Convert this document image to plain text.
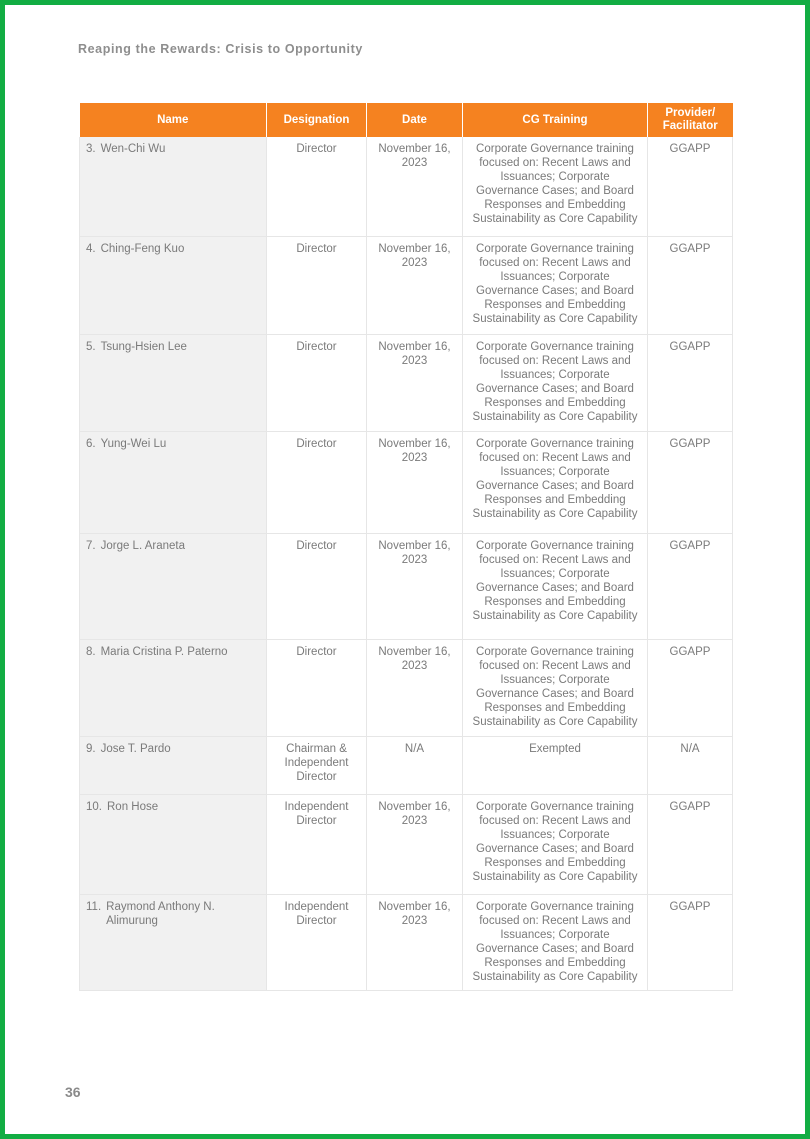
Reaping the Rewards: Crisis to Opportunity
Name	Designation	Date	CG Training	Provider/ Facilitator
3. Wen-Chi Wu	Director	November 16, 2023	Corporate Governance training focused on: Recent Laws and Issuances; Corporate Governance Cases; and Board Responses and Embedding Sustainability as Core Capability	GGAPP
4. Ching-Feng Kuo	Director	November 16, 2023	Corporate Governance training focused on: Recent Laws and Issuances; Corporate Governance Cases; and Board Responses and Embedding Sustainability as Core Capability	GGAPP
5. Tsung-Hsien Lee	Director	November 16, 2023	Corporate Governance training focused on: Recent Laws and Issuances; Corporate Governance Cases; and Board Responses and Embedding Sustainability as Core Capability	GGAPP
6. Yung-Wei Lu	Director	November 16, 2023	Corporate Governance training focused on: Recent Laws and Issuances; Corporate Governance Cases; and Board Responses and Embedding Sustainability as Core Capability	GGAPP
7. Jorge L. Araneta	Director	November 16, 2023	Corporate Governance training focused on: Recent Laws and Issuances; Corporate Governance Cases; and Board Responses and Embedding Sustainability as Core Capability	GGAPP
8. Maria Cristina P. Paterno	Director	November 16, 2023	Corporate Governance training focused on: Recent Laws and Issuances; Corporate Governance Cases; and Board Responses and Embedding Sustainability as Core Capability	GGAPP
9. Jose T. Pardo	Chairman & Independent Director	N/A	Exempted	N/A
10. Ron Hose	Independent Director	November 16, 2023	Corporate Governance training focused on: Recent Laws and Issuances; Corporate Governance Cases; and Board Responses and Embedding Sustainability as Core Capability	GGAPP
11. Raymond Anthony N. Alimurung	Independent Director	November 16, 2023	Corporate Governance training focused on: Recent Laws and Issuances; Corporate Governance Cases; and Board Responses and Embedding Sustainability as Core Capability	GGAPP
36
